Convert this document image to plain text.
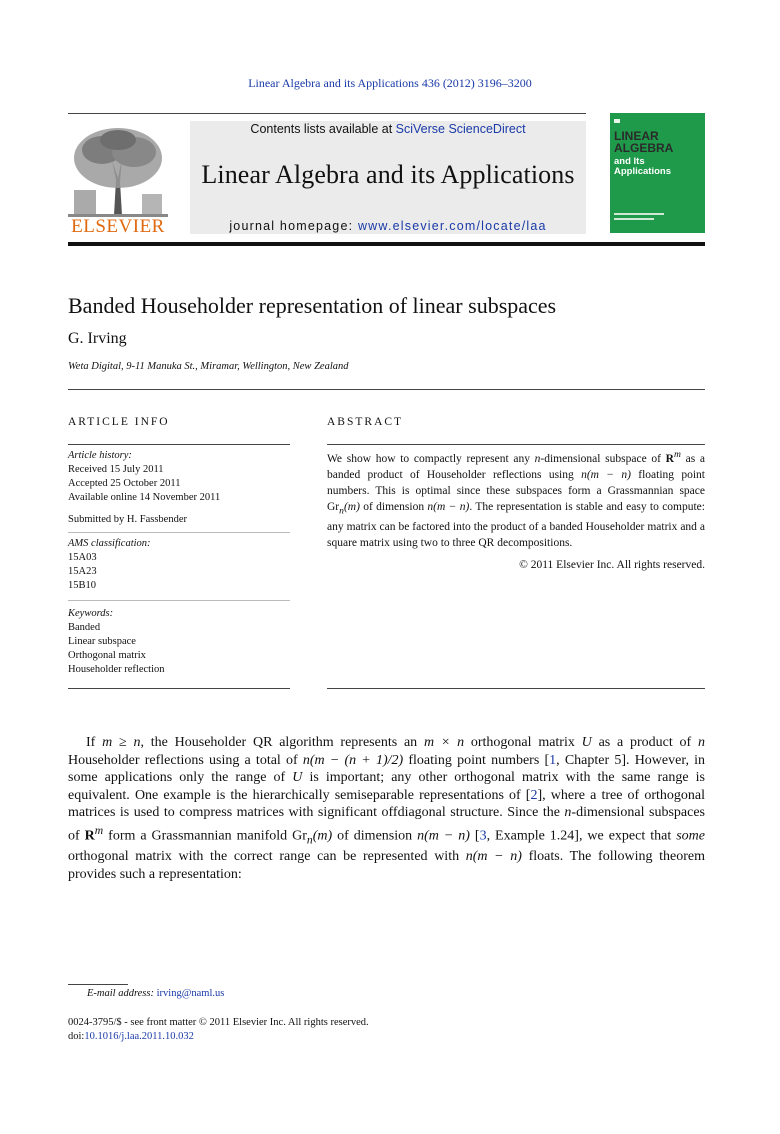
Linear Algebra and its Applications 436 (2012) 3196–3200
ELSEVIER
Contents lists available at SciVerse ScienceDirect
Linear Algebra and its Applications
journal homepage: www.elsevier.com/locate/laa
LINEAR
ALGEBRA
and Its
Applications
Banded Householder representation of linear subspaces
G. Irving
Weta Digital, 9-11 Manuka St., Miramar, Wellington, New Zealand
ARTICLE INFO	ABSTRACT
Article history:
Received 15 July 2011
Accepted 25 October 2011
Available online 14 November 2011
Submitted by H. Fassbender
AMS classification:
15A03
15A23
15B10
Keywords:
Banded
Linear subspace
Orthogonal matrix
Householder reflection
We show how to compactly represent any n-dimensional subspace of $R^m$ as a banded product of Householder reflections using n(m − n) floating point numbers. This is optimal since these subspaces form a Grassmannian space $Gr_n(m)$ of dimension n(m − n). The representation is stable and easy to compute: any matrix can be factored into the product of a banded Householder matrix and a square matrix using two to three QR decompositions.
© 2011 Elsevier Inc. All rights reserved.

If m ≥ n, the Householder QR algorithm represents an m × n orthogonal matrix U as a product of n Householder reflections using a total of n(m − (n + 1)/2) floating point numbers [1, Chapter 5]. However, in some applications only the range of U is important; any other orthogonal matrix with the same range is equivalent. One example is the hierarchically semiseparable representations of [2], where a tree of orthogonal matrices is used to compress matrices with significant offdiagonal structure. Since the n-dimensional subspaces of $R^m$ form a Grassmannian manifold $Gr_n(m)$ of dimension n(m − n) [3, Example 1.24], we expect that some orthogonal matrix with the correct range can be represented with n(m − n) floats. The following theorem provides such a representation:

E-mail address: irving@naml.us
0024-3795/$ - see front matter © 2011 Elsevier Inc. All rights reserved.
doi:10.1016/j.laa.2011.10.032
